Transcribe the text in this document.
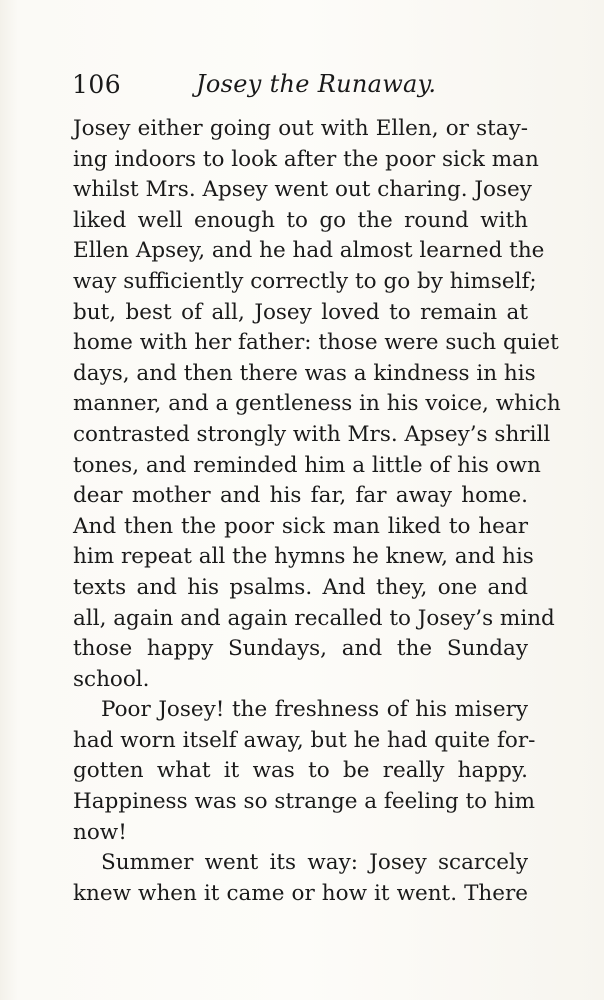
106	Josey the Runaway.
Josey either going out with Ellen, or stay-
ing indoors to look after the poor sick man
whilst Mrs. Apsey went out charing. Josey
liked well enough to go the round with
Ellen Apsey, and he had almost learned the
way sufficiently correctly to go by himself;
but, best of all, Josey loved to remain at
home with her father: those were such quiet
days, and then there was a kindness in his
manner, and a gentleness in his voice, which
contrasted strongly with Mrs. Apsey’s shrill
tones, and reminded him a little of his own
dear mother and his far, far away home.
And then the poor sick man liked to hear
him repeat all the hymns he knew, and his
texts and his psalms. And they, one and
all, again and again recalled to Josey’s mind
those happy Sundays, and the Sunday
school.
Poor Josey! the freshness of his misery
had worn itself away, but he had quite for-
gotten what it was to be really happy.
Happiness was so strange a feeling to him
now!
Summer went its way: Josey scarcely
knew when it came or how it went. There
